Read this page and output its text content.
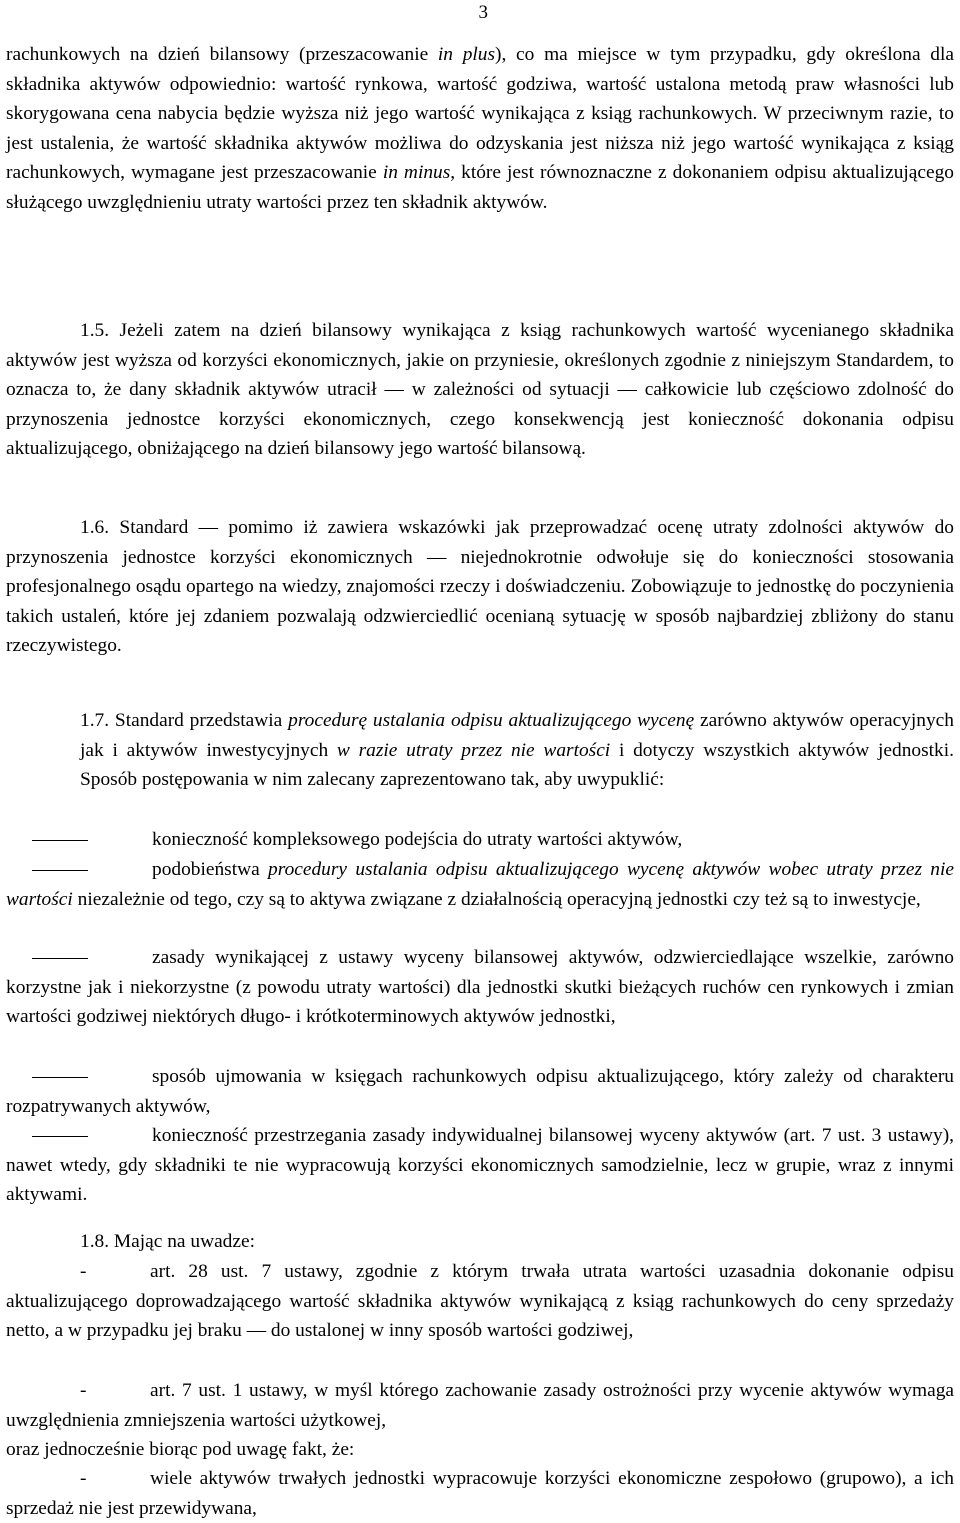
3

rachunkowych na dzień bilansowy (przeszacowanie in plus), co ma miejsce w tym przypadku, gdy określona dla składnika aktywów odpowiednio: wartość rynkowa, wartość godziwa, wartość ustalona metodą praw własności lub skorygowana cena nabycia będzie wyższa niż jego wartość wynikająca z ksiąg rachunkowych. W przeciwnym razie, to jest ustalenia, że wartość składnika aktywów możliwa do odzyskania jest niższa niż jego wartość wynikająca z ksiąg rachunkowych, wymagane jest przeszacowanie in minus, które jest równoznaczne z dokonaniem odpisu aktualizującego służącego uwzględnieniu utraty wartości przez ten składnik aktywów.

1.5. Jeżeli zatem na dzień bilansowy wynikająca z ksiąg rachunkowych wartość wycenianego składnika aktywów jest wyższa od korzyści ekonomicznych, jakie on przyniesie, określonych zgodnie z niniejszym Standardem, to oznacza to, że dany składnik aktywów utracił — w zależności od sytuacji — całkowicie lub częściowo zdolność do przynoszenia jednostce korzyści ekonomicznych, czego konsekwencją jest konieczność dokonania odpisu aktualizującego, obniżającego na dzień bilansowy jego wartość bilansową.

1.6. Standard — pomimo iż zawiera wskazówki jak przeprowadzać ocenę utraty zdolności aktywów do przynoszenia jednostce korzyści ekonomicznych — niejednokrotnie odwołuje się do konieczności stosowania profesjonalnego osądu opartego na wiedzy, znajomości rzeczy i doświadczeniu. Zobowiązuje to jednostkę do poczynienia takich ustaleń, które jej zdaniem pozwalają odzwierciedlić ocenianą sytuację w sposób najbardziej zbliżony do stanu rzeczywistego.

1.7. Standard przedstawia procedurę ustalania odpisu aktualizującego wycenę zarówno aktywów operacyjnych jak i aktywów inwestycyjnych w razie utraty przez nie wartości i dotyczy wszystkich aktywów jednostki. Sposób postępowania w nim zalecany zaprezentowano tak, aby uwypuklić:

konieczność kompleksowego podejścia do utraty wartości aktywów,

podobieństwa procedury ustalania odpisu aktualizującego wycenę aktywów wobec utraty przez nie wartości niezależnie od tego, czy są to aktywa związane z działalnością operacyjną jednostki czy też są to inwestycje,

zasady wynikającej z ustawy wyceny bilansowej aktywów, odzwierciedlające wszelkie, zarówno korzystne jak i niekorzystne (z powodu utraty wartości) dla jednostki skutki bieżących ruchów cen rynkowych i zmian wartości godziwej niektórych długo- i krótkoterminowych aktywów jednostki,

sposób ujmowania w księgach rachunkowych odpisu aktualizującego, który zależy od charakteru rozpatrywanych aktywów,

konieczność przestrzegania zasady indywidualnej bilansowej wyceny aktywów (art. 7 ust. 3 ustawy), nawet wtedy, gdy składniki te nie wypracowują korzyści ekonomicznych samodzielnie, lecz w grupie, wraz z innymi aktywami.

1.8. Mając na uwadze:

-	art. 28 ust. 7 ustawy, zgodnie z którym trwała utrata wartości uzasadnia dokonanie odpisu aktualizującego doprowadzającego wartość składnika aktywów wynikającą z ksiąg rachunkowych do ceny sprzedaży netto, a w przypadku jej braku — do ustalonej w inny sposób wartości godziwej,

-	art. 7 ust. 1 ustawy, w myśl którego zachowanie zasady ostrożności przy wycenie aktywów wymaga uwzględnienia zmniejszenia wartości użytkowej,

oraz jednocześnie biorąc pod uwagę fakt, że:

-	wiele aktywów trwałych jednostki wypracowuje korzyści ekonomiczne zespołowo (grupowo), a ich sprzedaż nie jest przewidywana,
